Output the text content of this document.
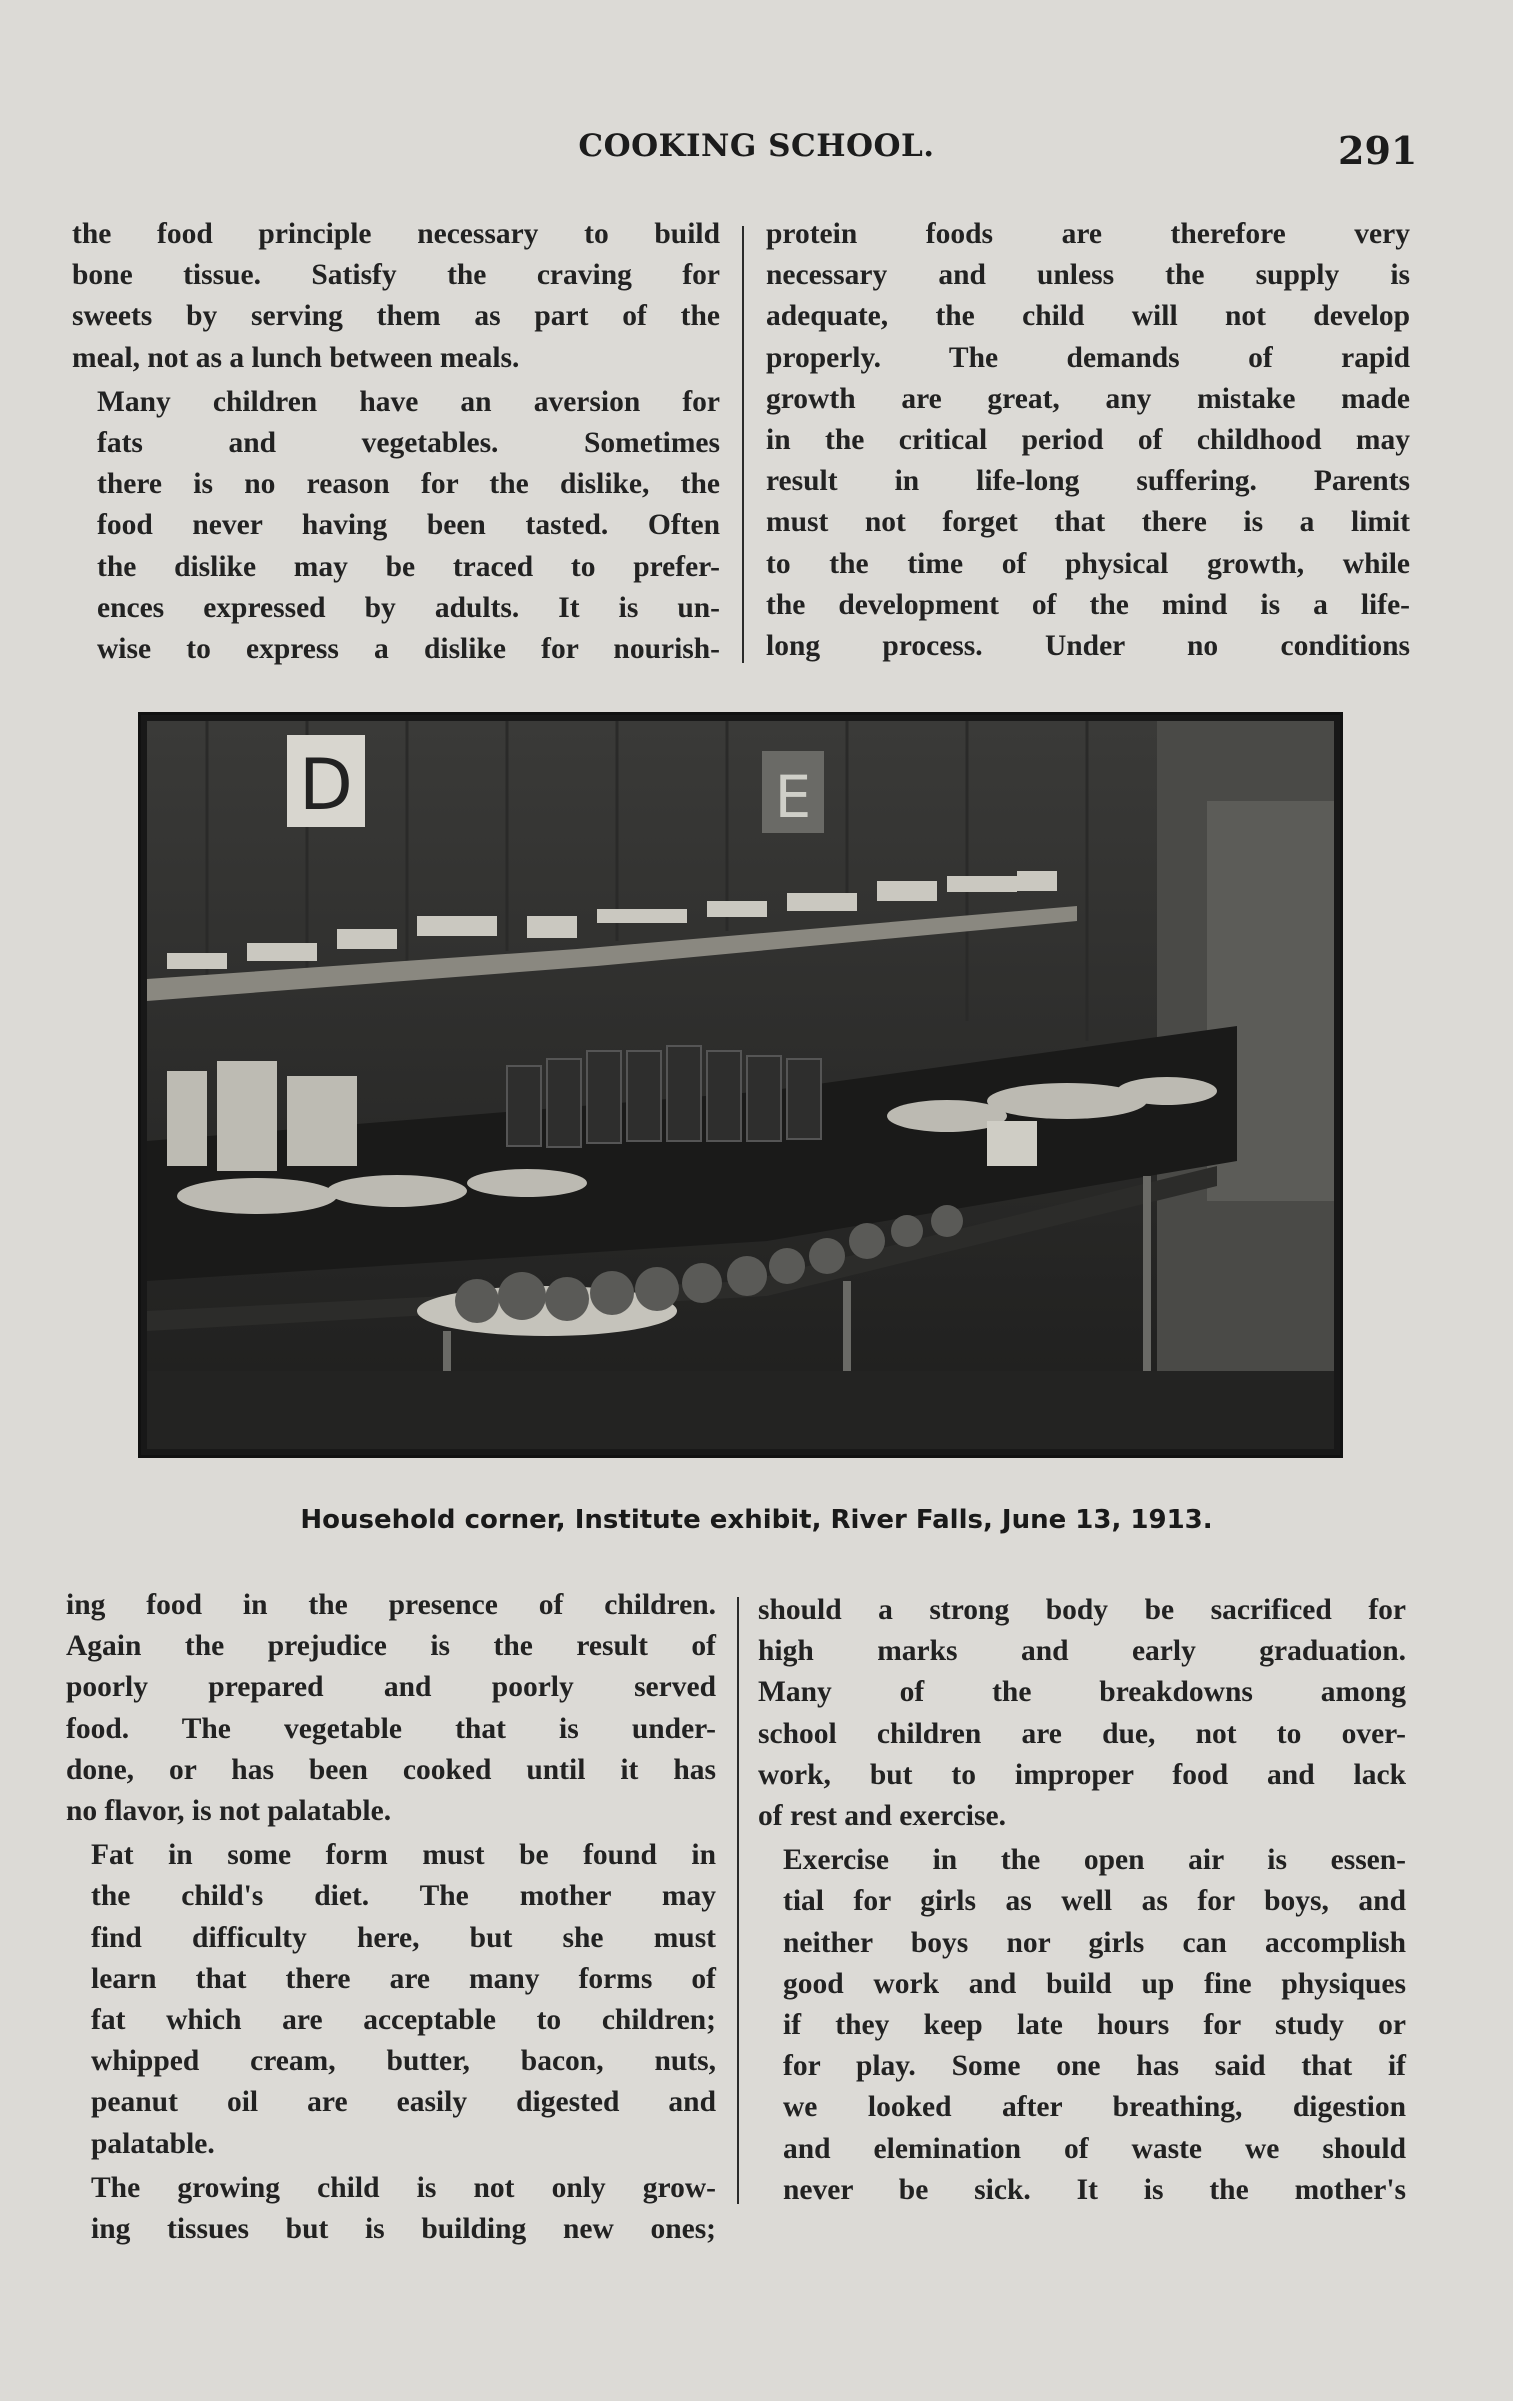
COOKING SCHOOL.	291

the food principle necessary to build
bone tissue. Satisfy the craving for
sweets by serving them as part of the
meal, not as a lunch between meals.

Many children have an aversion for
fats and vegetables. Sometimes
there is no reason for the dislike, the
food never having been tasted. Often
the dislike may be traced to prefer-
ences expressed by adults. It is un-
wise to express a dislike for nourish-

protein foods are therefore very
necessary and unless the supply is
adequate, the child will not develop
properly. The demands of rapid
growth are great, any mistake made
in the critical period of childhood may
result in life-long suffering. Parents
must not forget that there is a limit
to the time of physical growth, while
the development of the mind is a life-
long process. Under no conditions

D	E
Household corner, Institute exhibit, River Falls, June 13, 1913.

ing food in the presence of children.
Again the prejudice is the result of
poorly prepared and poorly served
food. The vegetable that is under-
done, or has been cooked until it has
no flavor, is not palatable.

Fat in some form must be found in
the child's diet. The mother may
find difficulty here, but she must
learn that there are many forms of
fat which are acceptable to children;
whipped cream, butter, bacon, nuts,
peanut oil are easily digested and
palatable.

The growing child is not only grow-
ing tissues but is building new ones;

should a strong body be sacrificed for
high marks and early graduation.
Many of the breakdowns among
school children are due, not to over-
work, but to improper food and lack
of rest and exercise.

Exercise in the open air is essen-
tial for girls as well as for boys, and
neither boys nor girls can accomplish
good work and build up fine physiques
if they keep late hours for study or
for play. Some one has said that if
we looked after breathing, digestion
and elemination of waste we should
never be sick. It is the mother's
